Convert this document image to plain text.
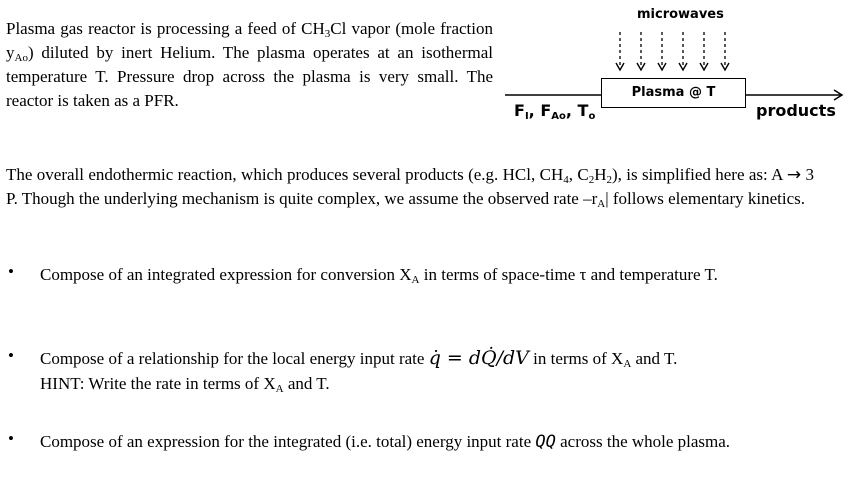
Plasma gas reactor is processing a feed of $CH_3Cl$ vapor (mole fraction $y_{Ao}$) diluted by inert Helium. The plasma operates at an isothermal temperature T. Pressure drop across the plasma is very small. The reactor is taken as a PFR.

microwaves
Plasma @ T
$F_I$, $F_{Ao}$, $T_o$	products

The overall endothermic reaction, which produces several products (e.g. HCl, $CH_4$, $C_2H_2$), is simplified here as: A → 3 P. Though the underlying mechanism is quite complex, we assume the observed rate $-r_A|$ follows elementary kinetics.

• Compose of an integrated expression for conversion $X_A$ in terms of space-time τ and temperature T.

• Compose of a relationship for the local energy input rate q̇ = dQ̇/dV in terms of $X_A$ and T.
HINT: Write the rate in terms of $X_A$ and T.

• Compose of an expression for the integrated (i.e. total) energy input rate QQ across the whole plasma.
